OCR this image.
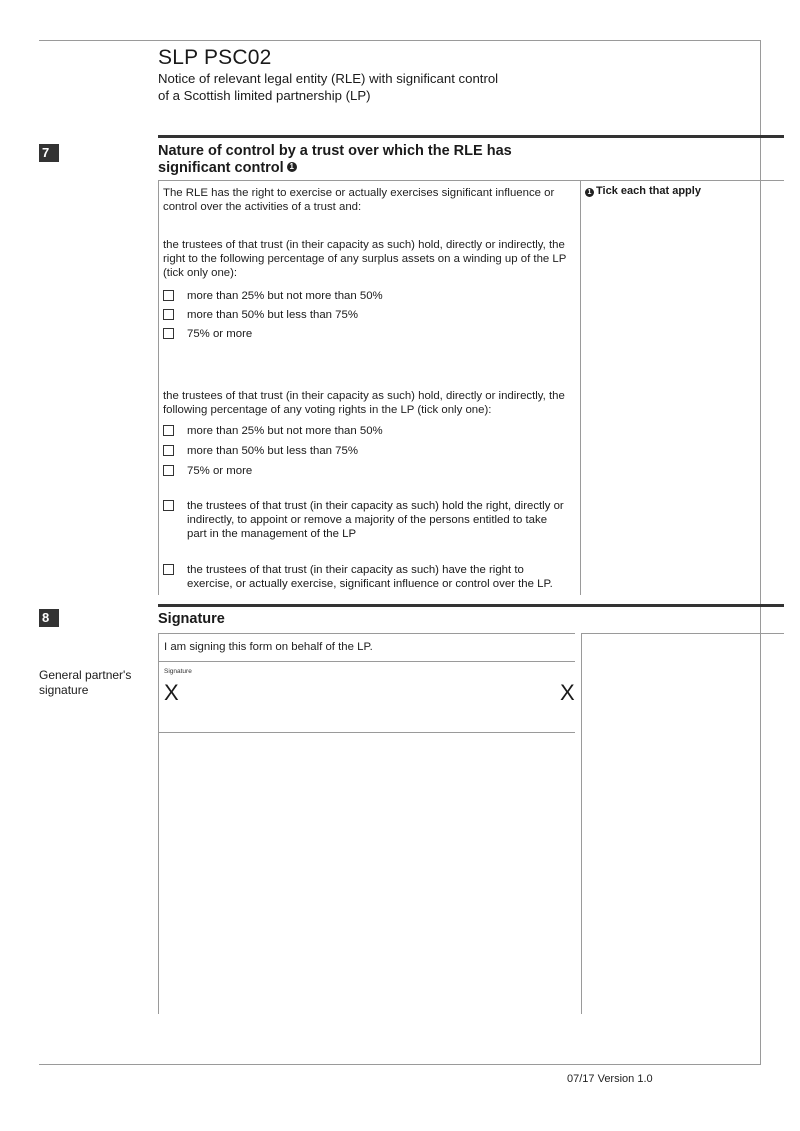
SLP PSC02
Notice of relevant legal entity (RLE) with significant control
of a Scottish limited partnership (LP)
7	Nature of control by a trust over which the RLE has
significant control 1
1 Tick each that apply
The RLE has the right to exercise or actually exercises significant influence or control over the activities of a trust and:
the trustees of that trust (in their capacity as such) hold, directly or indirectly, the right to the following percentage of any surplus assets on a winding up of the LP (tick only one):
more than 25% but not more than 50%
more than 50% but less than 75%
75% or more
the trustees of that trust (in their capacity as such) hold, directly or indirectly, the following percentage of any voting rights in the LP (tick only one):
more than 25% but not more than 50%
more than 50% but less than 75%
75% or more
the trustees of that trust (in their capacity as such) hold the right, directly or indirectly, to appoint or remove a majority of the persons entitled to take part in the management of the LP
the trustees of that trust (in their capacity as such) have the right to exercise, or actually exercise, significant influence or control over the LP.
8	Signature
I am signing this form on behalf of the LP.
General partner's
signature
Signature
X	X
07/17 Version 1.0
